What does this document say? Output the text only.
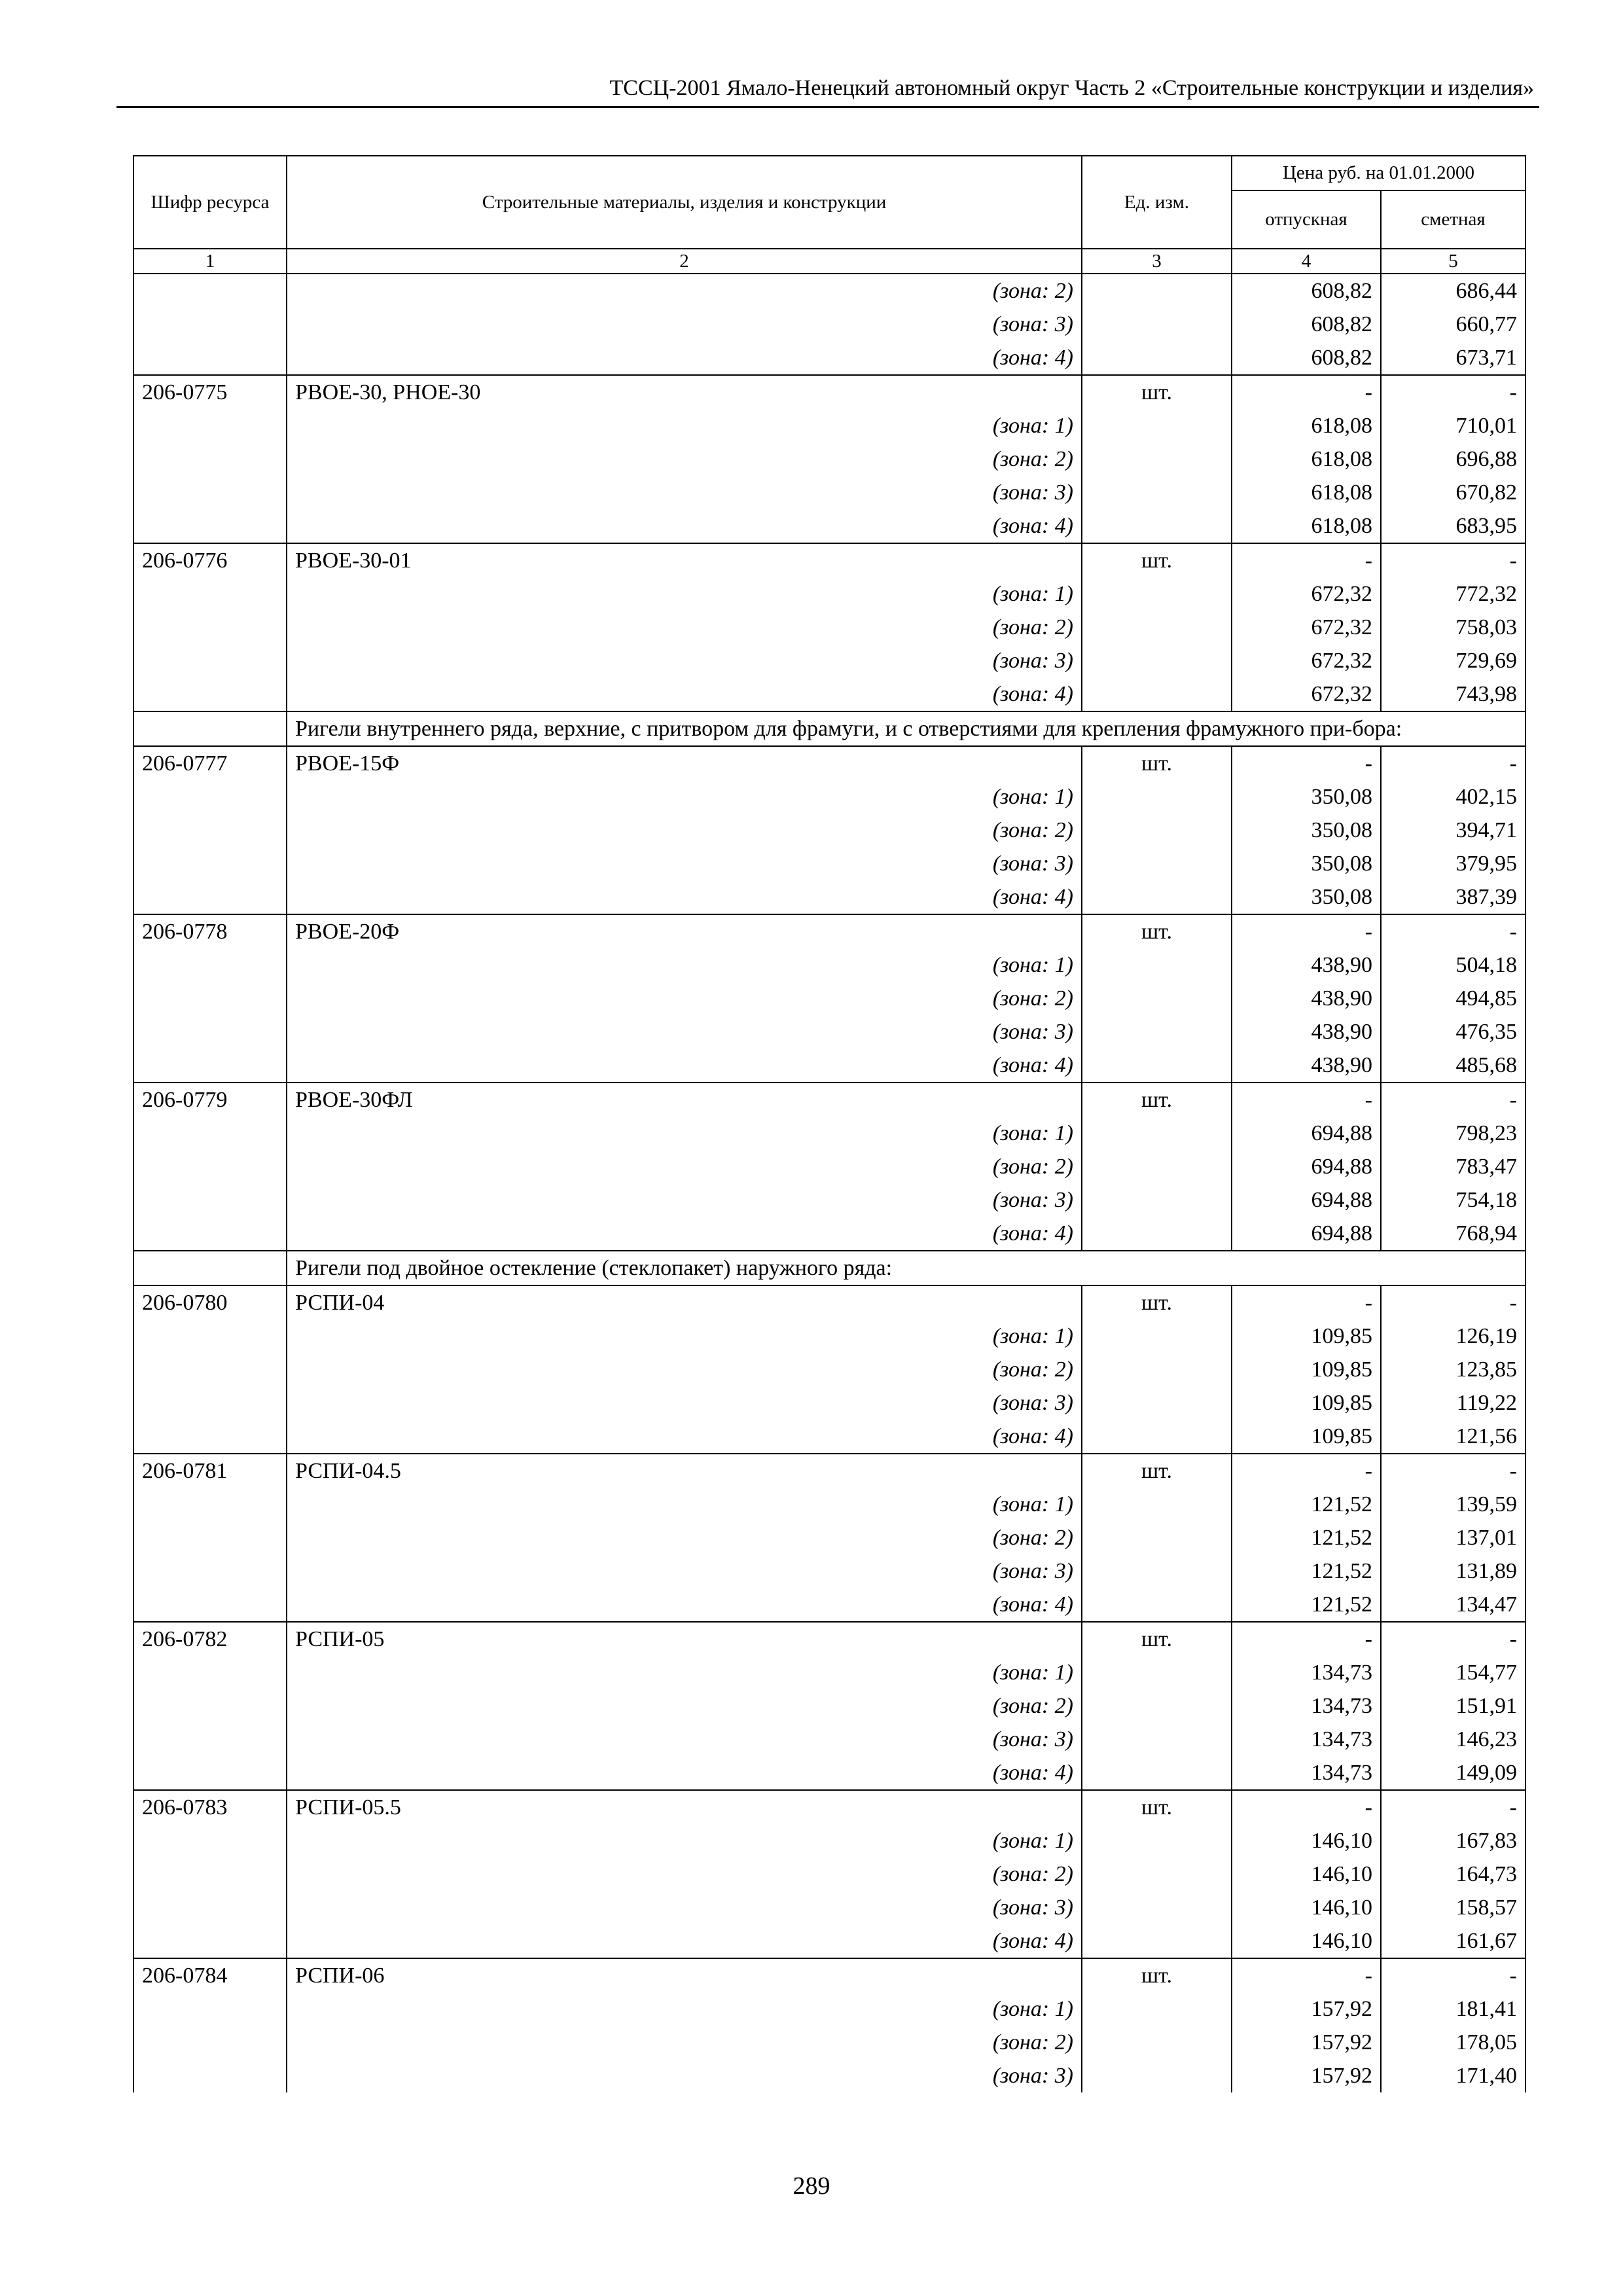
ТССЦ-2001 Ямало-Ненецкий автономный округ Часть 2 «Строительные конструкции и изделия»
Шифр ресурса	Строительные материалы, изделия и конструкции	Ед. изм.	Цена руб. на 01.01.2000	
			отпускная	сметная
1	2	3	4	5
	(зона: 2)		608,82	686,44
	(зона: 3)		608,82	660,77
	(зона: 4)		608,82	673,71
206-0775	РВОЕ-30, РНОЕ-30	шт.	-	-
	(зона: 1)		618,08	710,01
	(зона: 2)		618,08	696,88
	(зона: 3)		618,08	670,82
	(зона: 4)		618,08	683,95
206-0776	РВОЕ-30-01	шт.	-	-
	(зона: 1)		672,32	772,32
	(зона: 2)		672,32	758,03
	(зона: 3)		672,32	729,69
	(зона: 4)		672,32	743,98
	Ригели внутреннего ряда, верхние, с притвором для фрамуги, и с отверстиями для крепления фрамужного при-бора:			
206-0777	РВОЕ-15Ф	шт.	-	-
	(зона: 1)		350,08	402,15
	(зона: 2)		350,08	394,71
	(зона: 3)		350,08	379,95
	(зона: 4)		350,08	387,39
206-0778	РВОЕ-20Ф	шт.	-	-
	(зона: 1)		438,90	504,18
	(зона: 2)		438,90	494,85
	(зона: 3)		438,90	476,35
	(зона: 4)		438,90	485,68
206-0779	РВОЕ-30ФЛ	шт.	-	-
	(зона: 1)		694,88	798,23
	(зона: 2)		694,88	783,47
	(зона: 3)		694,88	754,18
	(зона: 4)		694,88	768,94
	Ригели под двойное остекление (стеклопакет) наружного ряда:			
206-0780	РСПИ-04	шт.	-	-
	(зона: 1)		109,85	126,19
	(зона: 2)		109,85	123,85
	(зона: 3)		109,85	119,22
	(зона: 4)		109,85	121,56
206-0781	РСПИ-04.5	шт.	-	-
	(зона: 1)		121,52	139,59
	(зона: 2)		121,52	137,01
	(зона: 3)		121,52	131,89
	(зона: 4)		121,52	134,47
206-0782	РСПИ-05	шт.	-	-
	(зона: 1)		134,73	154,77
	(зона: 2)		134,73	151,91
	(зона: 3)		134,73	146,23
	(зона: 4)		134,73	149,09
206-0783	РСПИ-05.5	шт.	-	-
	(зона: 1)		146,10	167,83
	(зона: 2)		146,10	164,73
	(зона: 3)		146,10	158,57
	(зона: 4)		146,10	161,67
206-0784	РСПИ-06	шт.	-	-
	(зона: 1)		157,92	181,41
	(зона: 2)		157,92	178,05
	(зона: 3)		157,92	171,40
289
